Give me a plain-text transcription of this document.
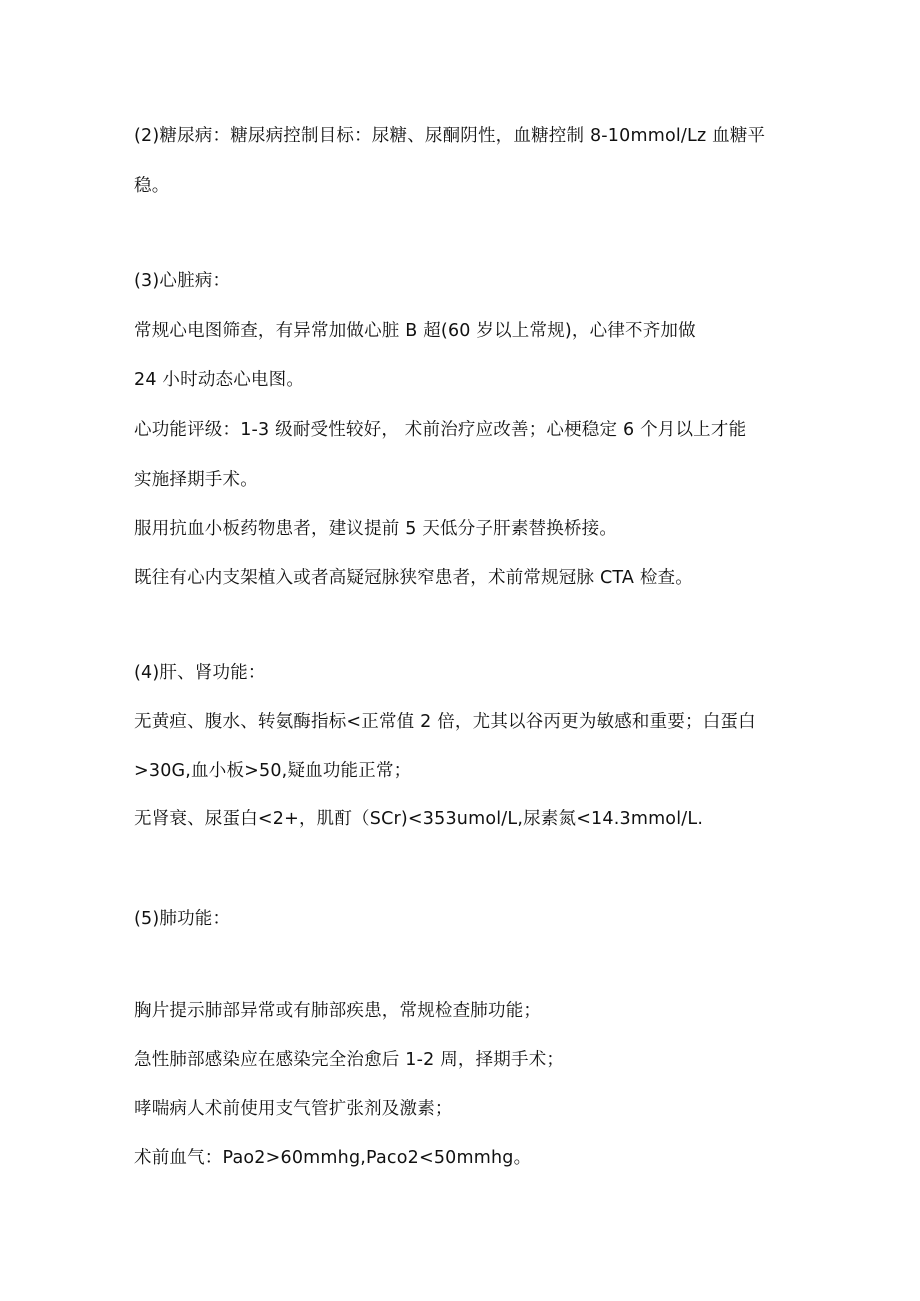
(2)糖尿病：糖尿病控制目标：尿糖、尿酮阴性，血糖控制 8-10mmol/Lz 血糖平
稳。
(3)心脏病：
常规心电图筛查，有异常加做心脏 B 超(60 岁以上常规)，心律不齐加做
24 小时动态心电图。
心功能评级：1-3 级耐受性较好， 术前治疗应改善；心梗稳定 6 个月以上才能
实施择期手术。
服用抗血小板药物患者，建议提前 5 天低分子肝素替换桥接。
既往有心内支架植入或者高疑冠脉狭窄患者，术前常规冠脉 CTA 检查。
(4)肝、肾功能：
无黄疸、腹水、转氨酶指标<正常值 2 倍，尤其以谷丙更为敏感和重要；白蛋白
>30G,血小板>50,疑血功能正常；
无肾衰、尿蛋白<2+，肌酊（SCr)<353umol/L,尿素氮<14.3mmol/L.
(5)肺功能：
胸片提示肺部异常或有肺部疾患，常规检查肺功能；
急性肺部感染应在感染完全治愈后 1-2 周，择期手术；
哮喘病人术前使用支气管扩张剂及激素；
术前血气：Pao2>60mmhg,Paco2<50mmhg。
